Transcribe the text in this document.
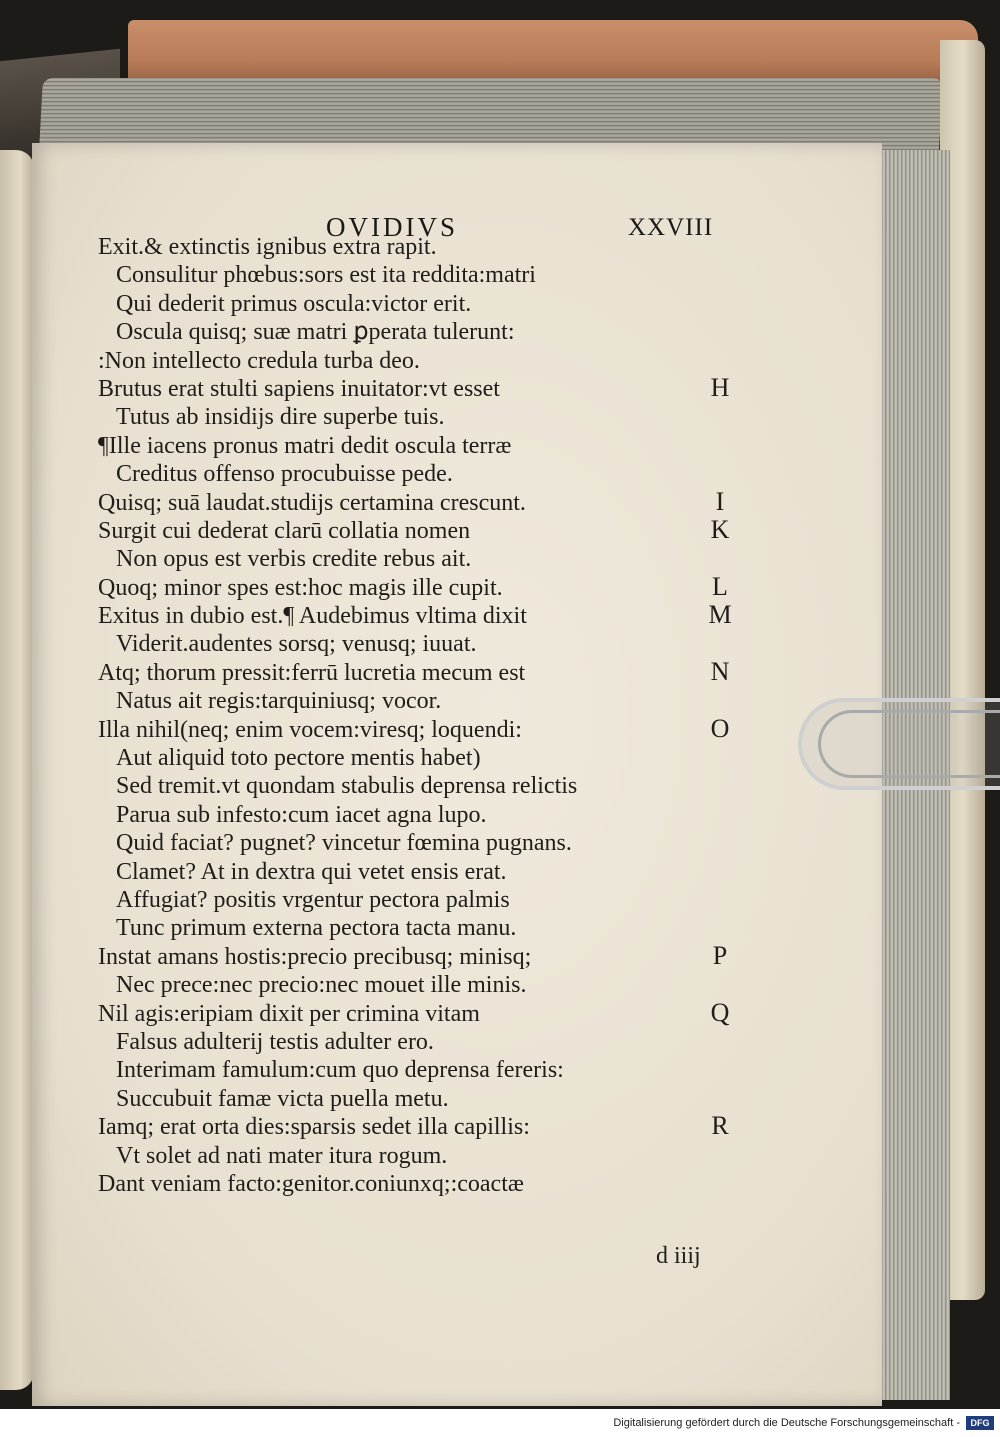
OVIDIVS	XXVIII
Exit.& extinctis ignibus extra rapit.
Consulitur phœbus:sors est ita reddita:matri
Qui dederit primus oscula:victor erit.
Oscula quisq; suæ matri ꝑperata tulerunt:
:Non intellecto credula turba deo.
Brutus erat stulti sapiens inuitator:vt esset
Tutus ab insidijs dire superbe tuis.
¶Ille iacens pronus matri dedit oscula terræ
Creditus offenso procubuisse pede.
Quisq; suā laudat.studijs certamina crescunt.
Surgit cui dederat clarū collatia nomen
Non opus est verbis credite rebus ait.
Quoq; minor spes est:hoc magis ille cupit.
Exitus in dubio est.¶ Audebimus vltima dixit
Viderit.audentes sorsq; venusq; iuuat.
Atq; thorum pressit:ferrū lucretia mecum est
Natus ait regis:tarquiniusq; vocor.
Illa nihil(neq; enim vocem:viresq; loquendi:
Aut aliquid toto pectore mentis habet)
Sed tremit.vt quondam stabulis deprensa relictis
Parua sub infesto:cum iacet agna lupo.
Quid faciat? pugnet? vincetur fœmina pugnans.
Clamet? At in dextra qui vetet ensis erat.
Affugiat? positis vrgentur pectora palmis
Tunc primum externa pectora tacta manu.
Instat amans hostis:precio precibusq; minisq;
Nec prece:nec precio:nec mouet ille minis.
Nil agis:eripiam dixit per crimina vitam
Falsus adulterij testis adulter ero.
Interimam famulum:cum quo deprensa fereris:
Succubuit famæ victa puella metu.
Iamq; erat orta dies:sparsis sedet illa capillis:
Vt solet ad nati mater itura rogum.
Dant veniam facto:genitor.coniunxq;:coactæ
H
I
K
L
M
N
O
P
Q
R
d iiij
Digitalisierung gefördert durch die Deutsche Forschungsgemeinschaft -	DFG
